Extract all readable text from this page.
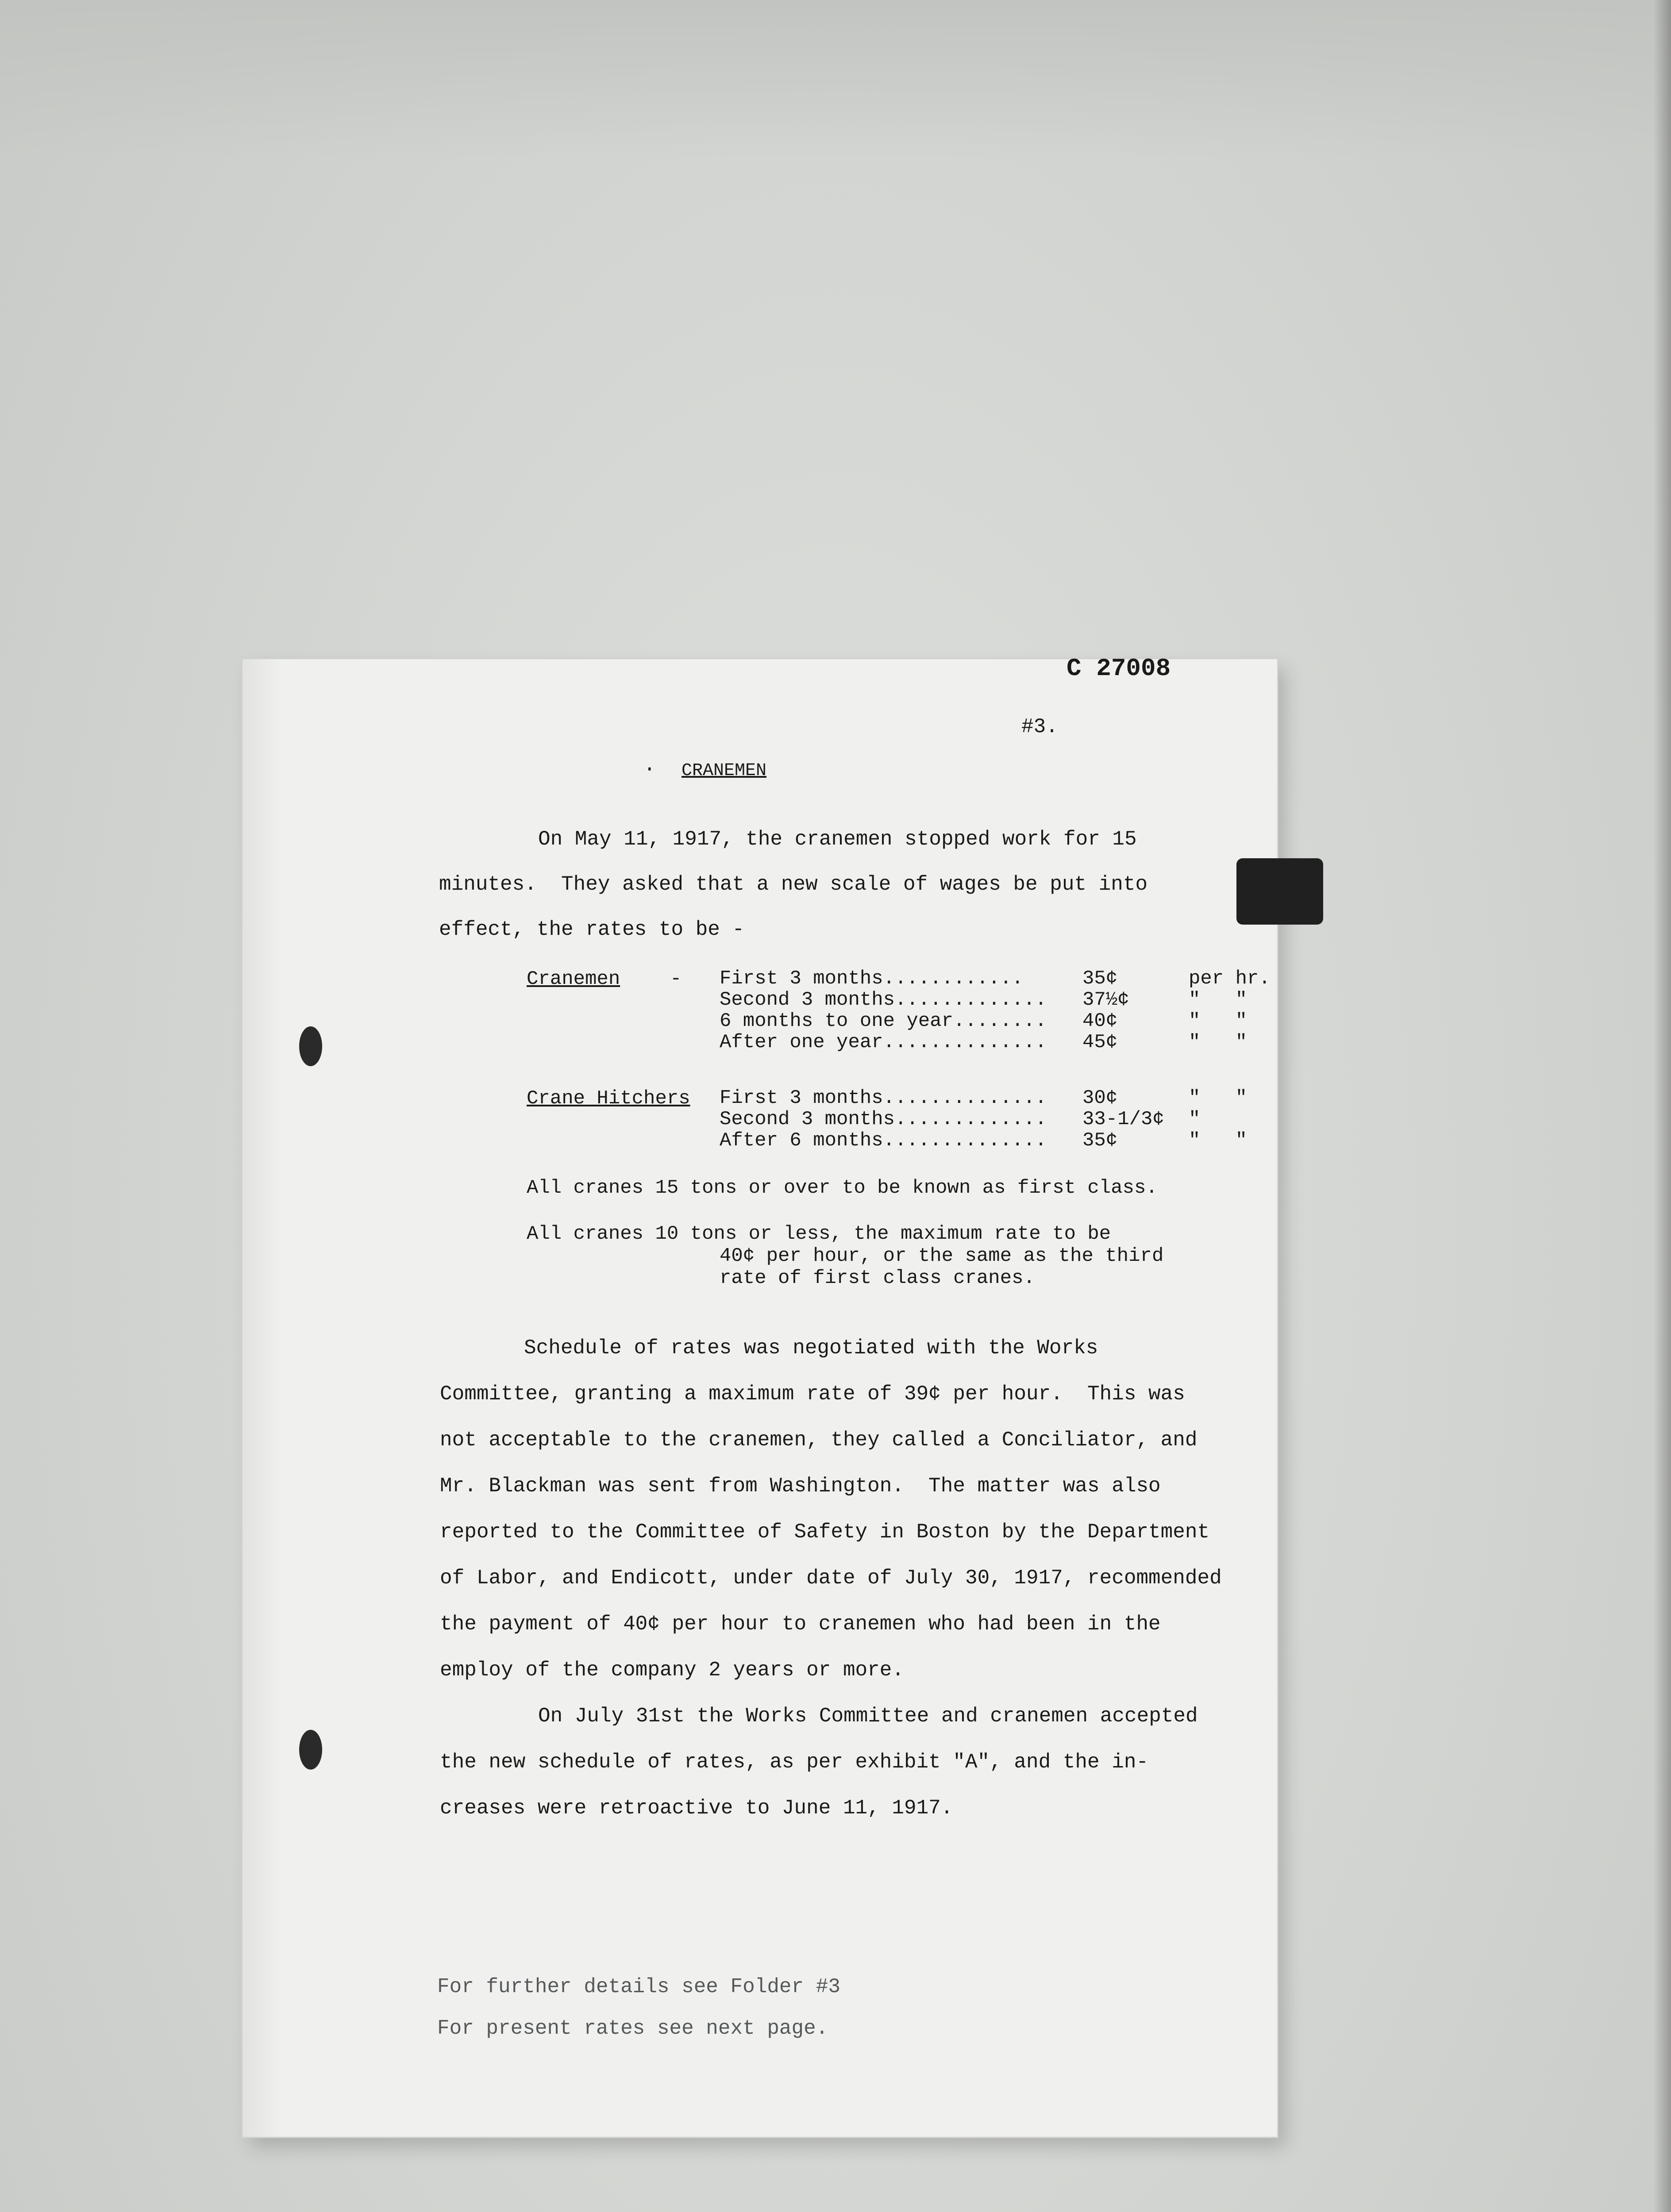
C 27008
#3.
· CRANEMEN
On May 11, 1917, the cranemen stopped work for 15
minutes.  They asked that a new scale of wages be put into
effect, the rates to be -
Cranemen	- First 3 months............	35¢	per hr.
Second 3 months.............	37½¢	"   "
6 months to one year........	40¢	"   "
After one year..............	45¢	"   "
Crane Hitchers First 3 months..............	30¢	"   "
Second 3 months.............	33-1/3¢	"
After 6 months..............	35¢	"   "
All cranes 15 tons or over to be known as first class.
All cranes 10 tons or less, the maximum rate to be
40¢ per hour, or the same as the third
rate of first class cranes.
Schedule of rates was negotiated with the Works
Committee, granting a maximum rate of 39¢ per hour.  This was
not acceptable to the cranemen, they called a Conciliator, and
Mr. Blackman was sent from Washington.  The matter was also
reported to the Committee of Safety in Boston by the Department
of Labor, and Endicott, under date of July 30, 1917, recommended
the payment of 40¢ per hour to cranemen who had been in the
employ of the company 2 years or more.
On July 31st the Works Committee and cranemen accepted
the new schedule of rates, as per exhibit "A", and the in-
creases were retroactive to June 11, 1917.
For further details see Folder #3
For present rates see next page.
